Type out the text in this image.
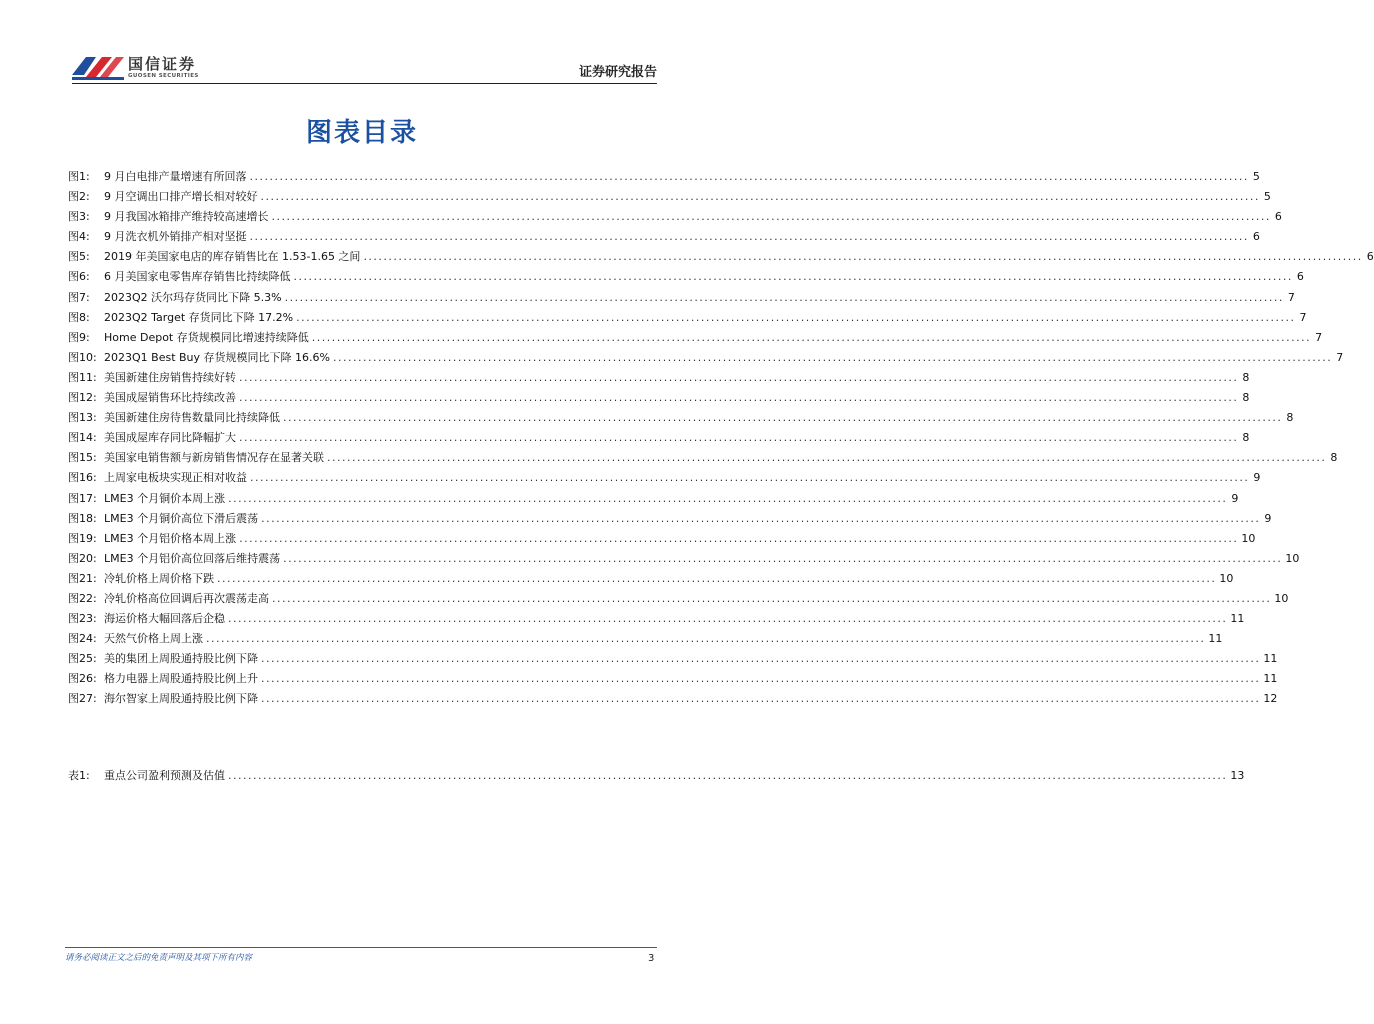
国信证券
GUOSEN SECURITIES	证券研究报告
图表目录
图1:	9 月白电排产量增速有所回落 ........................................................................................................................................................................................................ 5
图2:	9 月空调出口排产增长相对较好 ........................................................................................................................................................................................................ 5
图3:	9 月我国冰箱排产维持较高速增长 ........................................................................................................................................................................................................ 6
图4:	9 月洗衣机外销排产相对坚挺 ........................................................................................................................................................................................................ 6
图5:	2019 年美国家电店的库存销售比在 1.53-1.65 之间 ........................................................................................................................................................................................................ 6
图6:	6 月美国家电零售库存销售比持续降低 ........................................................................................................................................................................................................ 6
图7:	2023Q2 沃尔玛存货同比下降 5.3% ........................................................................................................................................................................................................ 7
图8:	2023Q2 Target 存货同比下降 17.2% ........................................................................................................................................................................................................ 7
图9:	Home Depot 存货规模同比增速持续降低 ........................................................................................................................................................................................................ 7
图10: 2023Q1 Best Buy 存货规模同比下降 16.6% ........................................................................................................................................................................................................ 7
图11: 美国新建住房销售持续好转 ........................................................................................................................................................................................................ 8
图12: 美国成屋销售环比持续改善 ........................................................................................................................................................................................................ 8
图13: 美国新建住房待售数量同比持续降低 ........................................................................................................................................................................................................ 8
图14: 美国成屋库存同比降幅扩大 ........................................................................................................................................................................................................ 8
图15: 美国家电销售额与新房销售情况存在显著关联 ........................................................................................................................................................................................................ 8
图16: 上周家电板块实现正相对收益 ........................................................................................................................................................................................................ 9
图17: LME3 个月铜价本周上涨 ........................................................................................................................................................................................................ 9
图18: LME3 个月铜价高位下滑后震荡 ........................................................................................................................................................................................................ 9
图19: LME3 个月铝价格本周上涨 ........................................................................................................................................................................................................ 10
图20: LME3 个月铝价高位回落后维持震荡 ........................................................................................................................................................................................................ 10
图21: 冷轧价格上周价格下跌 ........................................................................................................................................................................................................ 10
图22: 冷轧价格高位回调后再次震荡走高 ........................................................................................................................................................................................................ 10
图23: 海运价格大幅回落后企稳 ........................................................................................................................................................................................................ 11
图24: 天然气价格上周上涨 ........................................................................................................................................................................................................ 11
图25: 美的集团上周股通持股比例下降 ........................................................................................................................................................................................................ 11
图26: 格力电器上周股通持股比例上升 ........................................................................................................................................................................................................ 11
图27: 海尔智家上周股通持股比例下降 ........................................................................................................................................................................................................ 12
表1:	重点公司盈利预测及估值 ........................................................................................................................................................................................................ 13
请务必阅读正文之后的免责声明及其项下所有内容	3
